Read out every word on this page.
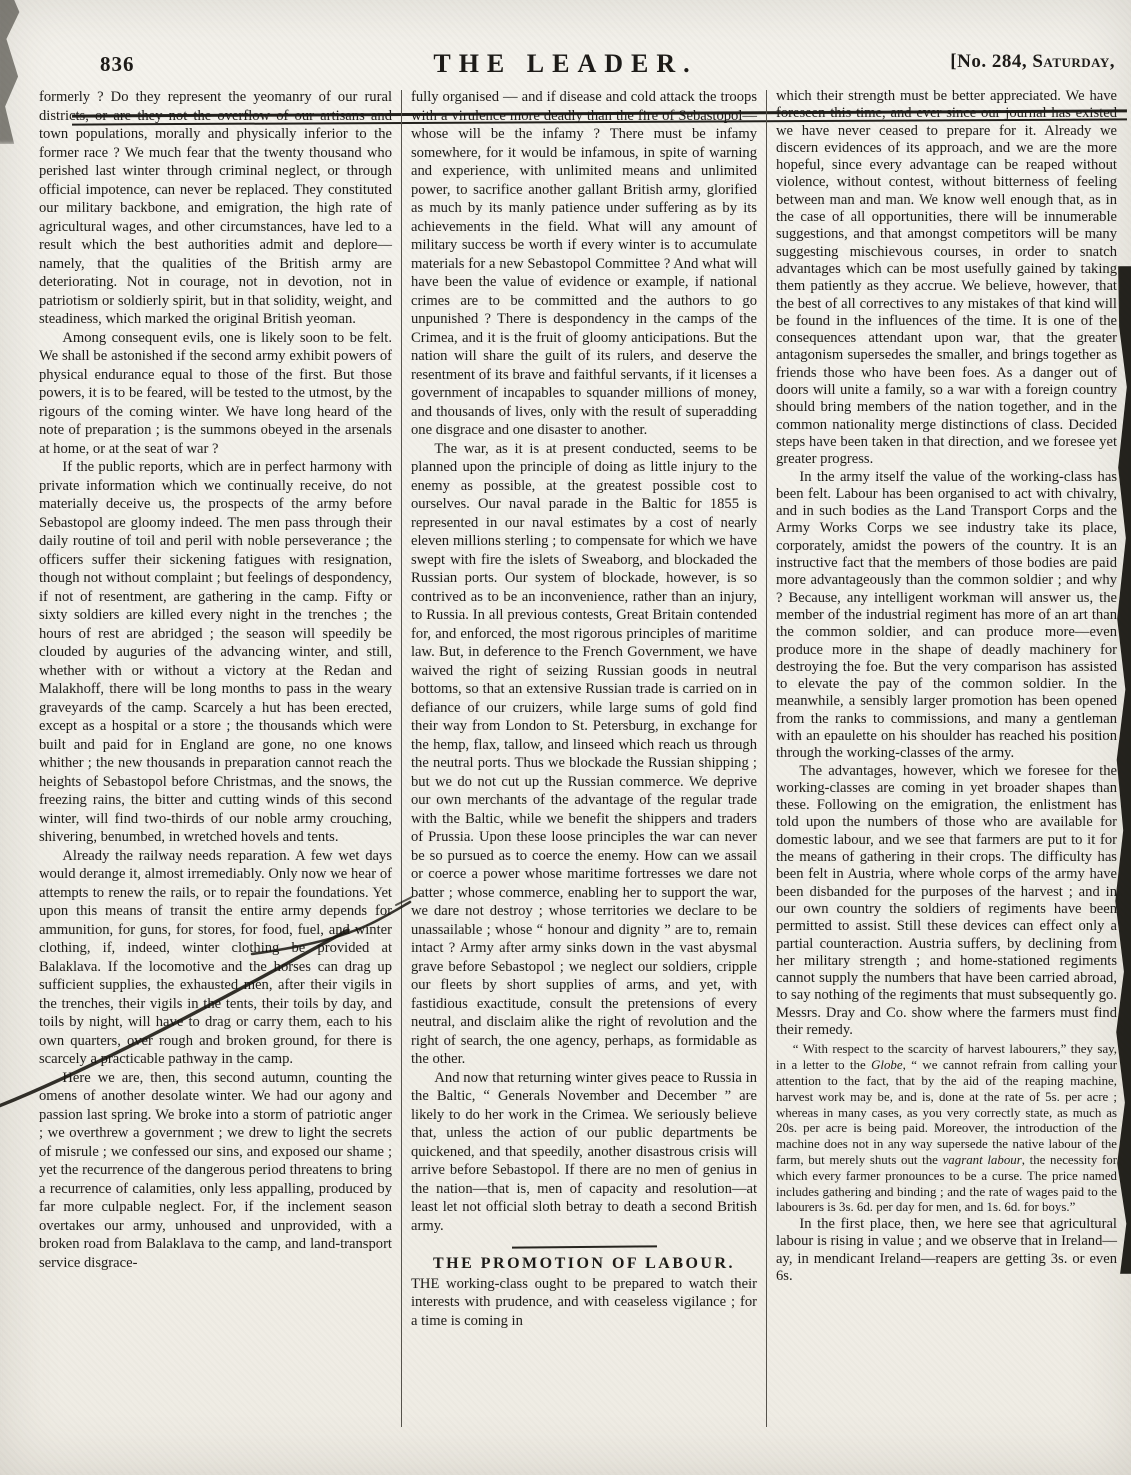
836	THE LEADER.	[No. 284, Saturday,

formerly ? Do they represent the yeomanry of our rural districts, or are they not the overflow of our artisans and town populations, morally and physically inferior to the former race ? We much fear that the twenty thousand who perished last winter through criminal neglect, or through official impotence, can never be replaced. They constituted our military backbone, and emigration, the high rate of agricultural wages, and other circumstances, have led to a result which the best authorities admit and deplore—namely, that the qualities of the British army are deteriorating. Not in courage, not in devotion, not in patriotism or soldierly spirit, but in that solidity, weight, and steadiness, which marked the original British yeoman.

Among consequent evils, one is likely soon to be felt. We shall be astonished if the second army exhibit powers of physical endurance equal to those of the first. But those powers, it is to be feared, will be tested to the utmost, by the rigours of the coming winter. We have long heard of the note of preparation ; is the summons obeyed in the arsenals at home, or at the seat of war ?

If the public reports, which are in perfect harmony with private information which we continually receive, do not materially deceive us, the prospects of the army before Sebastopol are gloomy indeed. The men pass through their daily routine of toil and peril with noble perseverance ; the officers suffer their sickening fatigues with resignation, though not without complaint ; but feelings of despondency, if not of resentment, are gathering in the camp. Fifty or sixty soldiers are killed every night in the trenches ; the hours of rest are abridged ; the season will speedily be clouded by auguries of the advancing winter, and still, whether with or without a victory at the Redan and Malakhoff, there will be long months to pass in the weary graveyards of the camp. Scarcely a hut has been erected, except as a hospital or a store ; the thousands which were built and paid for in England are gone, no one knows whither ; the new thousands in preparation cannot reach the heights of Sebastopol before Christmas, and the snows, the freezing rains, the bitter and cutting winds of this second winter, will find two-thirds of our noble army crouching, shivering, benumbed, in wretched hovels and tents.

Already the railway needs reparation. A few wet days would derange it, almost irremediably. Only now we hear of attempts to renew the rails, or to repair the foundations. Yet upon this means of transit the entire army depends for ammunition, for guns, for stores, for food, fuel, and winter clothing, if, indeed, winter clothing be provided at Balaklava. If the locomotive and the horses can drag up sufficient supplies, the exhausted men, after their vigils in the trenches, their vigils in the tents, their toils by day, and toils by night, will have to drag or carry them, each to his own quarters, over rough and broken ground, for there is scarcely a practicable pathway in the camp.

Here we are, then, this second autumn, counting the omens of another desolate winter. We had our agony and passion last spring. We broke into a storm of patriotic anger ; we overthrew a government ; we drew to light the secrets of misrule ; we confessed our sins, and exposed our shame ; yet the recurrence of the dangerous period threatens to bring a recurrence of calamities, only less appalling, produced by far more culpable neglect. For, if the inclement season overtakes our army, unhoused and unprovided, with a broken road from Balaklava to the camp, and land-transport service disgrace-

fully organised — and if disease and cold attack the troops with a virulence more deadly than the fire of Sebastopol—whose will be the infamy ? There must be infamy somewhere, for it would be infamous, in spite of warning and experience, with unlimited means and unlimited power, to sacrifice another gallant British army, glorified as much by its manly patience under suffering as by its achievements in the field. What will any amount of military success be worth if every winter is to accumulate materials for a new Sebastopol Committee ? And what will have been the value of evidence or example, if national crimes are to be committed and the authors to go unpunished ? There is despondency in the camps of the Crimea, and it is the fruit of gloomy anticipations. But the nation will share the guilt of its rulers, and deserve the resentment of its brave and faithful servants, if it licenses a government of incapables to squander millions of money, and thousands of lives, only with the result of superadding one disgrace and one disaster to another.

The war, as it is at present conducted, seems to be planned upon the principle of doing as little injury to the enemy as possible, at the greatest possible cost to ourselves. Our naval parade in the Baltic for 1855 is represented in our naval estimates by a cost of nearly eleven millions sterling ; to compensate for which we have swept with fire the islets of Sweaborg, and blockaded the Russian ports. Our system of blockade, however, is so contrived as to be an inconvenience, rather than an injury, to Russia. In all previous contests, Great Britain contended for, and enforced, the most rigorous principles of maritime law. But, in deference to the French Government, we have waived the right of seizing Russian goods in neutral bottoms, so that an extensive Russian trade is carried on in defiance of our cruizers, while large sums of gold find their way from London to St. Petersburg, in exchange for the hemp, flax, tallow, and linseed which reach us through the neutral ports. Thus we blockade the Russian shipping ; but we do not cut up the Russian commerce. We deprive our own merchants of the advantage of the regular trade with the Baltic, while we benefit the shippers and traders of Prussia. Upon these loose principles the war can never be so pursued as to coerce the enemy. How can we assail or coerce a power whose maritime fortresses we dare not batter ; whose commerce, enabling her to support the war, we dare not destroy ; whose territories we declare to be unassailable ; whose “ honour and dignity ” are to, remain intact ? Army after army sinks down in the vast abysmal grave before Sebastopol ; we neglect our soldiers, cripple our fleets by short supplies of arms, and yet, with fastidious exactitude, consult the pretensions of every neutral, and disclaim alike the right of revolution and the right of search, the one agency, perhaps, as formidable as the other.

And now that returning winter gives peace to Russia in the Baltic, “ Generals November and December ” are likely to do her work in the Crimea. We seriously believe that, unless the action of our public departments be quickened, and that speedily, another disastrous crisis will arrive before Sebastopol. If there are no men of genius in the nation—that is, men of capacity and resolution—at least let not official sloth betray to death a second British army.

THE PROMOTION OF LABOUR.

THE working-class ought to be prepared to watch their interests with prudence, and with ceaseless vigilance ; for a time is coming in

which their strength must be better appreciated. We have foreseen this time, and ever since our journal has existed we have never ceased to prepare for it. Already we discern evidences of its approach, and we are the more hopeful, since every advantage can be reaped without violence, without contest, without bitterness of feeling between man and man. We know well enough that, as in the case of all opportunities, there will be innumerable suggestions, and that amongst competitors will be many suggesting mischievous courses, in order to snatch advantages which can be most usefully gained by taking them patiently as they accrue. We believe, however, that the best of all correctives to any mistakes of that kind will be found in the influences of the time. It is one of the consequences attendant upon war, that the greater antagonism supersedes the smaller, and brings together as friends those who have been foes. As a danger out of doors will unite a family, so a war with a foreign country should bring members of the nation together, and in the common nationality merge distinctions of class. Decided steps have been taken in that direction, and we foresee yet greater progress.

In the army itself the value of the working-class has been felt. Labour has been organised to act with chivalry, and in such bodies as the Land Transport Corps and the Army Works Corps we see industry take its place, corporately, amidst the powers of the country. It is an instructive fact that the members of those bodies are paid more advantageously than the common soldier ; and why ? Because, any intelligent workman will answer us, the member of the industrial regiment has more of an art than the common soldier, and can produce more—even produce more in the shape of deadly machinery for destroying the foe. But the very comparison has assisted to elevate the pay of the common soldier. In the meanwhile, a sensibly larger promotion has been opened from the ranks to commissions, and many a gentleman with an epaulette on his shoulder has reached his position through the working-classes of the army.

The advantages, however, which we foresee for the working-classes are coming in yet broader shapes than these. Following on the emigration, the enlistment has told upon the numbers of those who are available for domestic labour, and we see that farmers are put to it for the means of gathering in their crops. The difficulty has been felt in Austria, where whole corps of the army have been disbanded for the purposes of the harvest ; and in our own country the soldiers of regiments have been permitted to assist. Still these devices can effect only a partial counteraction. Austria suffers, by declining from her military strength ; and home-stationed regiments cannot supply the numbers that have been carried abroad, to say nothing of the regiments that must subsequently go. Messrs. Dray and Co. show where the farmers must find their remedy.

“ With respect to the scarcity of harvest labourers,” they say, in a letter to the Globe, “ we cannot refrain from calling your attention to the fact, that by the aid of the reaping machine, harvest work may be, and is, done at the rate of 5s. per acre ; whereas in many cases, as you very correctly state, as much as 20s. per acre is being paid. Moreover, the introduction of the machine does not in any way supersede the native labour of the farm, but merely shuts out the vagrant labour, the necessity for which every farmer pronounces to be a curse. The price named includes gathering and binding ; and the rate of wages paid to the labourers is 3s. 6d. per day for men, and 1s. 6d. for boys.”

In the first place, then, we here see that agricultural labour is rising in value ; and we observe that in Ireland—ay, in mendicant Ireland—reapers are getting 3s. or even 6s.
